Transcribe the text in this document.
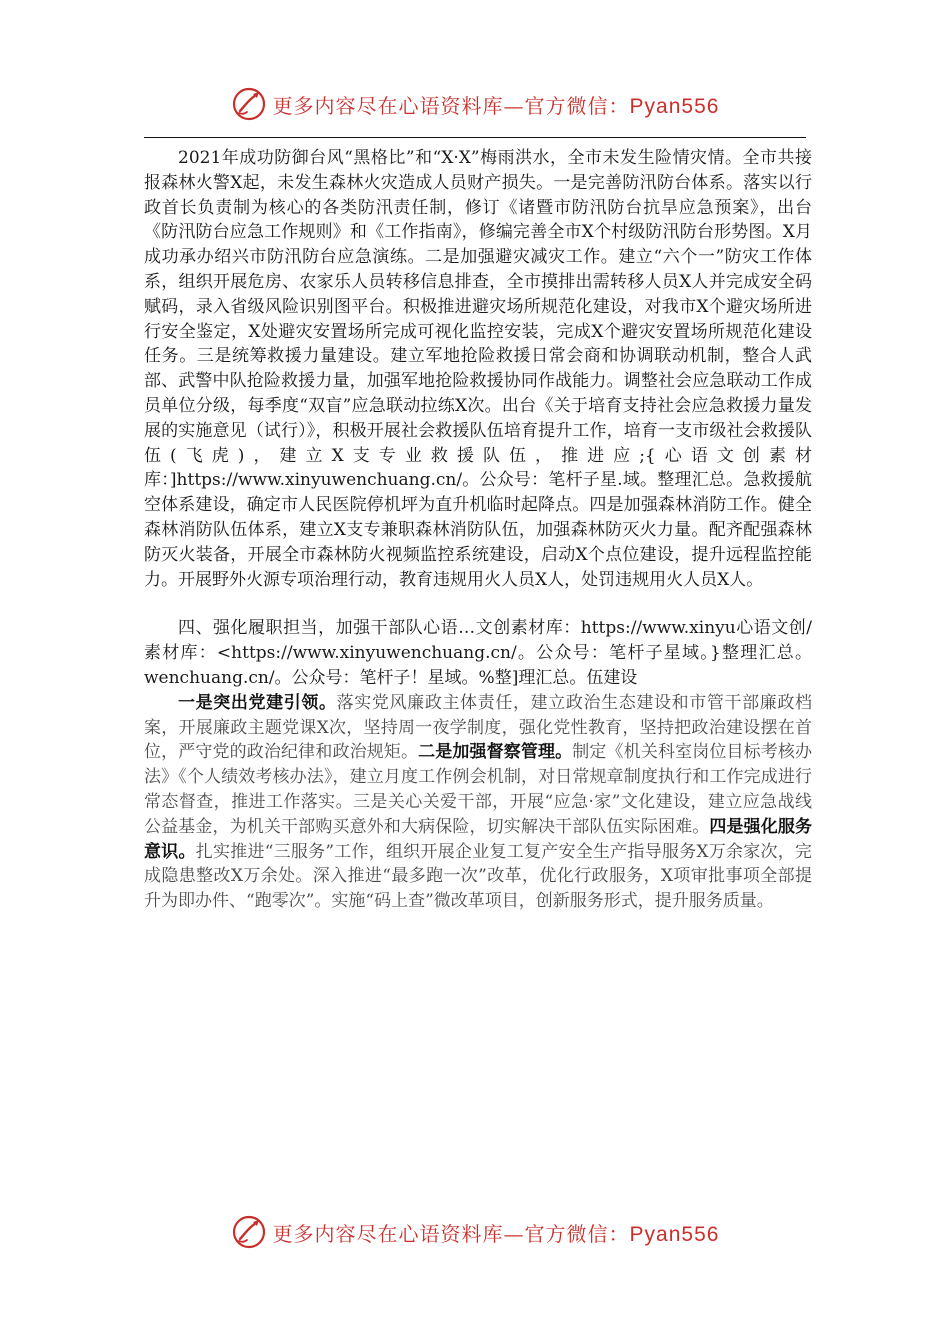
更多内容尽在心语资料库—官方微信：Pyan556

2021年成功防御台风“黑格比”和“X·X”梅雨洪水，全市未发生险情灾情。全市共接报森林火警X起，未发生森林火灾造成人员财产损失。一是完善防汛防台体系。落实以行政首长负责制为核心的各类防汛责任制，修订《诸暨市防汛防台抗旱应急预案》，出台《防汛防台应急工作规则》和《工作指南》，修编完善全市X个村级防汛防台形势图。X月成功承办绍兴市防汛防台应急演练。二是加强避灾减灾工作。建立“六个一”防灾工作体系，组织开展危房、农家乐人员转移信息排查，全市摸排出需转移人员X人并完成安全码赋码，录入省级风险识别图平台。积极推进避灾场所规范化建设，对我市X个避灾场所进行安全鉴定，X处避灾安置场所完成可视化监控安装，完成X个避灾安置场所规范化建设任务。三是统筹救援力量建设。建立军地抢险救援日常会商和协调联动机制，整合人武部、武警中队抢险救援力量，加强军地抢险救援协同作战能力。调整社会应急联动工作成员单位分级，每季度“双盲”应急联动拉练X次。出台《关于培育支持社会应急救援力量发展的实施意见（试行）》，积极开展社会救援队伍培育提升工作，培育一支市级社会救援队伍(飞虎)，建立X支专业救援队伍，推进应;{心语文创素材库：]https://www.xinyuwenchuang.cn/。公众号：笔杆子星.域。整理汇总。急救援航空体系建设，确定市人民医院停机坪为直升机临时起降点。四是加强森林消防工作。健全森林消防队伍体系，建立X支专兼职森林消防队伍，加强森林防灭火力量。配齐配强森林防灭火装备，开展全市森林防火视频监控系统建设，启动X个点位建设，提升远程监控能力。开展野外火源专项治理行动，教育违规用火人员X人，处罚违规用火人员X人。

四、强化履职担当，加强干部队心语…文创素材库：https://www.xinyu心语文创/素材库：<https://www.xinyuwenchuang.cn/。公众号：笔杆子星域。}整理汇总。wenchuang.cn/。公众号：笔杆子！星域。%整]理汇总。伍建设

一是突出党建引领。落实党风廉政主体责任，建立政治生态建设和市管干部廉政档案，开展廉政主题党课X次，坚持周一夜学制度，强化党性教育，坚持把政治建设摆在首位，严守党的政治纪律和政治规矩。二是加强督察管理。制定《机关科室岗位目标考核办法》《个人绩效考核办法》，建立月度工作例会机制，对日常规章制度执行和工作完成进行常态督查，推进工作落实。三是关心关爱干部，开展“应急·家”文化建设，建立应急战线公益基金，为机关干部购买意外和大病保险，切实解决干部队伍实际困难。四是强化服务意识。扎实推进“三服务”工作，组织开展企业复工复产安全生产指导服务X万余家次，完成隐患整改X万余处。深入推进“最多跑一次”改革，优化行政服务，X项审批事项全部提升为即办件、“跑零次”。实施“码上查”微改革项目，创新服务形式，提升服务质量。

更多内容尽在心语资料库—官方微信：Pyan556
